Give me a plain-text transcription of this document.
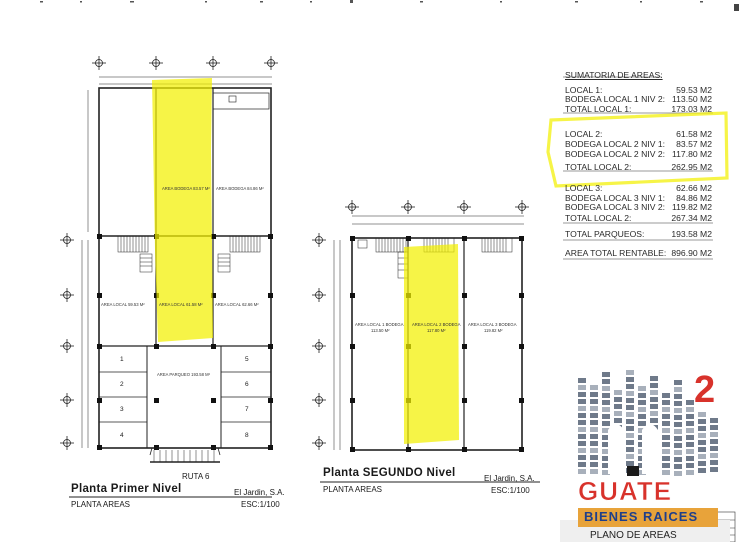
SUMATORIA DE AREAS:
LOCAL 1:	59.53 M2
BODEGA LOCAL 1 NIV 2: 113.50 M2
TOTAL LOCAL 1:	173.03 M2
LOCAL 2:	61.58 M2
BODEGA LOCAL 2 NIV 1:	83.57 M2
BODEGA LOCAL 2 NIV 2: 117.80 M2
TOTAL LOCAL 2:	262.95 M2
LOCAL 3:	62.66 M2
BODEGA LOCAL 3 NIV 1:	84.86 M2
BODEGA LOCAL 3 NIV 2: 119.82 M2
TOTAL LOCAL 2:	267.34 M2
TOTAL PARQUEOS:	193.58 M2
AREA TOTAL RENTABLE: 896.90 M2
AREA BODEGA 83.57 M² AREA BODEGA 84.86 M²
AREA LOCAL 59.53 M²	AREA LOCAL 61.58 M²	AREA LOCAL 62.66 M²
AREA PARQUEO 193.58 M²
1
2
3
4
5
6
7
8
RUTA 6
Planta Primer Nivel	El Jardin, S.A.
PLANTA AREAS	ESC:1/100
AREA LOCAL 1 BODEGA
113.50 M²
AREA LOCAL 2 BODEGA
117.80 M²
AREA LOCAL 3 BODEGA
119.82 M²
Planta SEGUNDO Nivel	El Jardin, S.A.
PLANTA AREAS	ESC:1/100
2
GUATE
BIENES RAICES
PLANO DE AREAS
